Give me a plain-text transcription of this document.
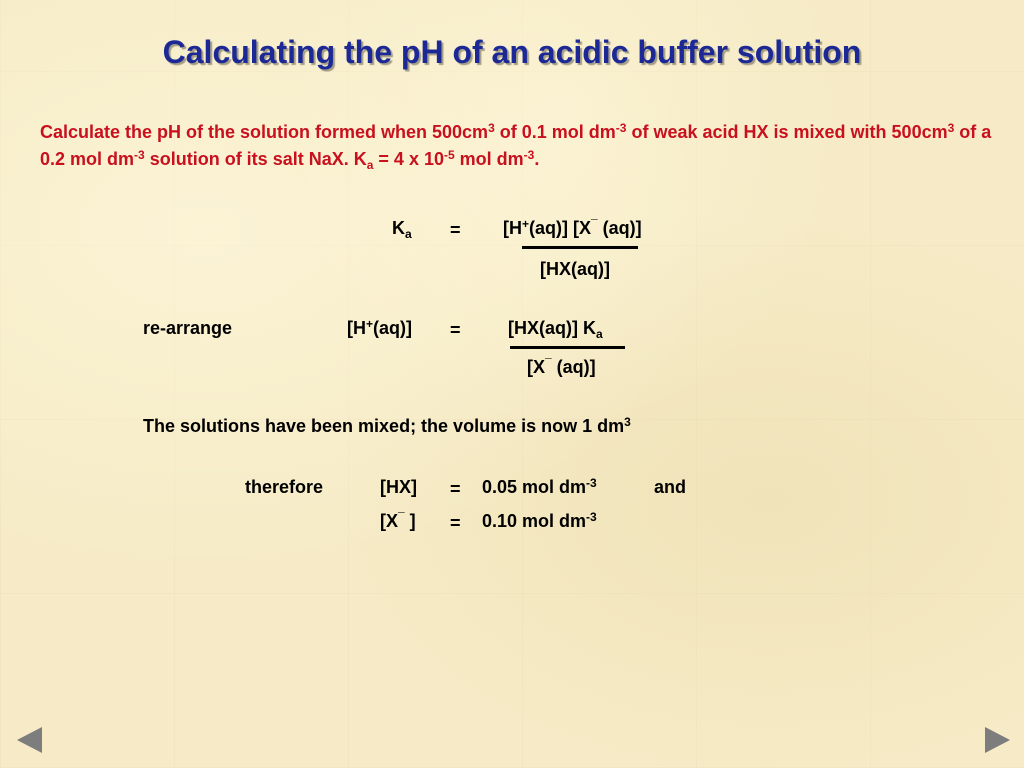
Calculating the pH of an acidic buffer solution
Calculate the pH of the solution formed when $500cm^3$ of 0.1 mol $dm^{-3}$ of weak acid HX is mixed with $500cm^3$ of a 0.2 mol $dm^{-3}$ solution of its salt NaX. $K_a = 4$ x $10^{-5}$ mol $dm^{-3}$.
$K_a = [H^+(aq)]$ [X¯ (aq)]
[HX(aq)]
re-arrange	[H+(aq)] =	[HX(aq)] $K_a$
[X¯ (aq)]
The solutions have been mixed; the volume is now 1 $dm^3$
therefore	[HX] = 0.05 mol $dm^{-3}$	and
[X¯ ] = 0.10 mol $dm^{-3}$
